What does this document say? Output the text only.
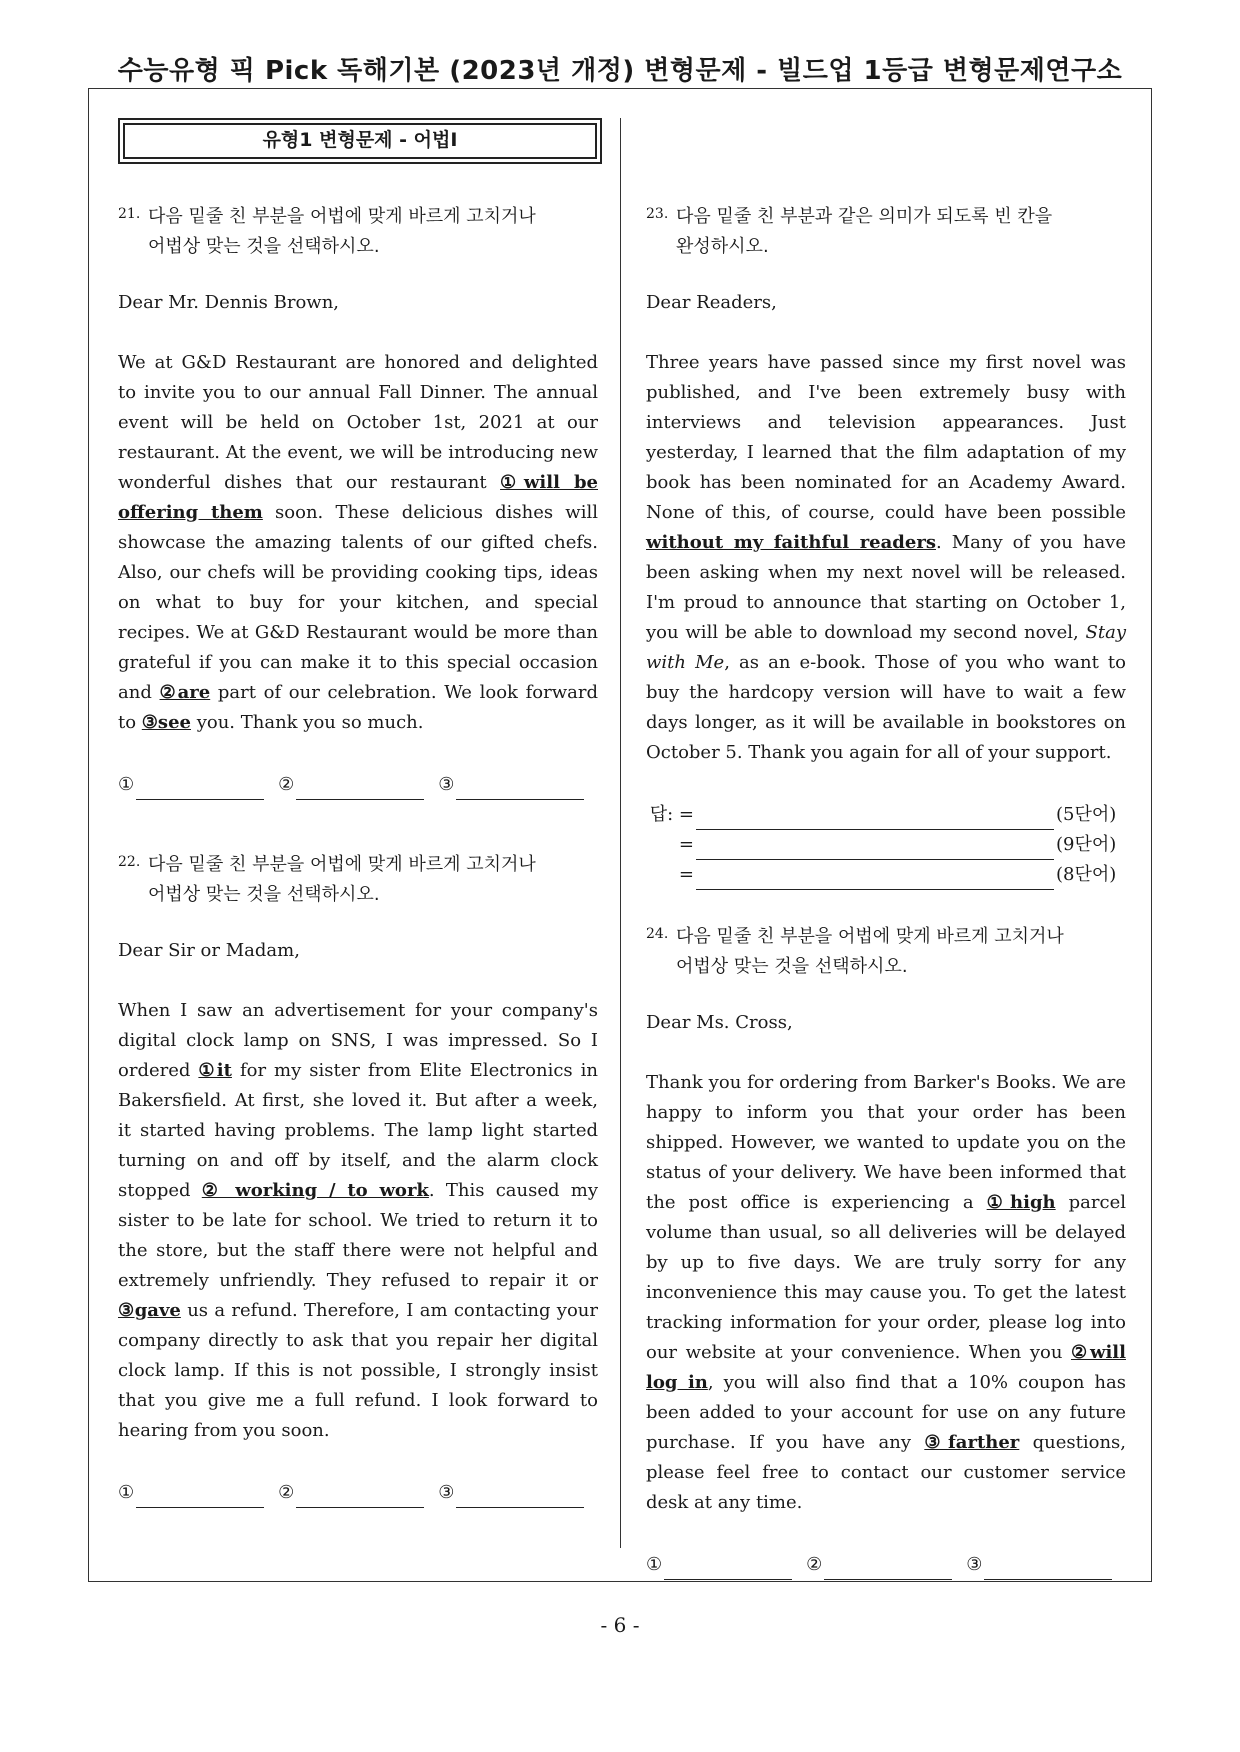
수능유형 픽 Pick 독해기본 (2023년 개정) 변형문제 - 빌드업 1등급 변형문제연구소
유형1 변형문제 - 어법Ⅰ
21. 다음 밑줄 친 부분을 어법에 맞게 바르게 고치거나
어법상 맞는 것을 선택하시오.
Dear Mr. Dennis Brown,
We at G&D Restaurant are honored and delighted to invite you to our annual Fall Dinner. The annual event will be held on October 1st, 2021 at our restaurant. At the event, we will be introducing new wonderful dishes that our restaurant ①will be offering them soon. These delicious dishes will showcase the amazing talents of our gifted chefs. Also, our chefs will be providing cooking tips, ideas on what to buy for your kitchen, and special recipes. We at G&D Restaurant would be more than grateful if you can make it to this special occasion and ②are part of our celebration. We look forward to ③see you. Thank you so much.
①	②	③
22. 다음 밑줄 친 부분을 어법에 맞게 바르게 고치거나
어법상 맞는 것을 선택하시오.
Dear Sir or Madam,
When I saw an advertisement for your company's digital clock lamp on SNS, I was impressed. So I ordered ①it for my sister from Elite Electronics in Bakersfield. At first, she loved it. But after a week, it started having problems. The lamp light started turning on and off by itself, and the alarm clock stopped ② working / to work. This caused my sister to be late for school. We tried to return it to the store, but the staff there were not helpful and extremely unfriendly. They refused to repair it or ③gave us a refund. Therefore, I am contacting your company directly to ask that you repair her digital clock lamp. If this is not possible, I strongly insist that you give me a full refund. I look forward to hearing from you soon.
①	②	③
23. 다음 밑줄 친 부분과 같은 의미가 되도록 빈 칸을
완성하시오.
Dear Readers,
Three years have passed since my first novel was published, and I've been extremely busy with interviews and television appearances. Just yesterday, I learned that the film adaptation of my book has been nominated for an Academy Award. None of this, of course, could have been possible without my faithful readers. Many of you have been asking when my next novel will be released. I'm proud to announce that starting on October 1, you will be able to download my second novel, Stay with Me, as an e-book. Those of you who want to buy the hardcopy version will have to wait a few days longer, as it will be available in bookstores on October 5. Thank you again for all of your support.
답: =	(5단어)
=	(9단어)
=	(8단어)
24. 다음 밑줄 친 부분을 어법에 맞게 바르게 고치거나
어법상 맞는 것을 선택하시오.
Dear Ms. Cross,
Thank you for ordering from Barker's Books. We are happy to inform you that your order has been shipped. However, we wanted to update you on the status of your delivery. We have been informed that the post office is experiencing a ①high parcel volume than usual, so all deliveries will be delayed by up to five days. We are truly sorry for any inconvenience this may cause you. To get the latest tracking information for your order, please log into our website at your convenience. When you ②will log in, you will also find that a 10% coupon has been added to your account for use on any future purchase. If you have any ③farther questions, please feel free to contact our customer service desk at any time.
①	②	③
- 6 -
